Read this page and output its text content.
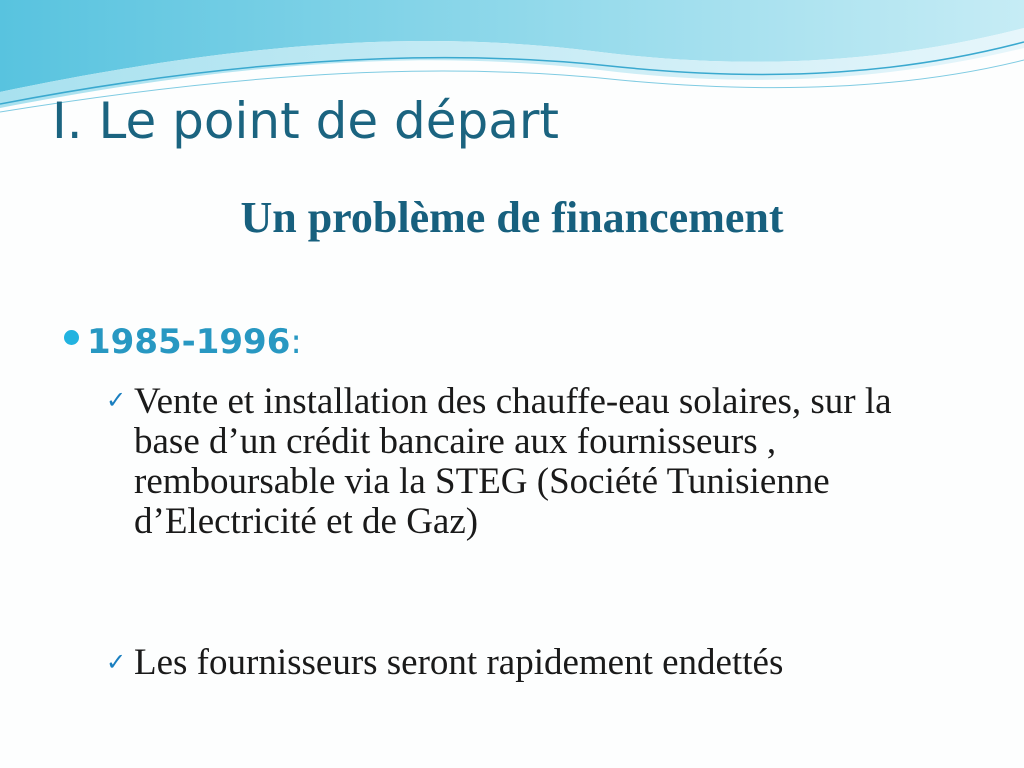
I. Le point de départ
Un problème de financement
1985-1996 :
✓ Vente et installation des chauffe-eau solaires, sur la base d’un crédit bancaire aux fournisseurs , remboursable via la STEG (Société Tunisienne d’Electricité et de Gaz)
✓ Les fournisseurs seront rapidement endettés
